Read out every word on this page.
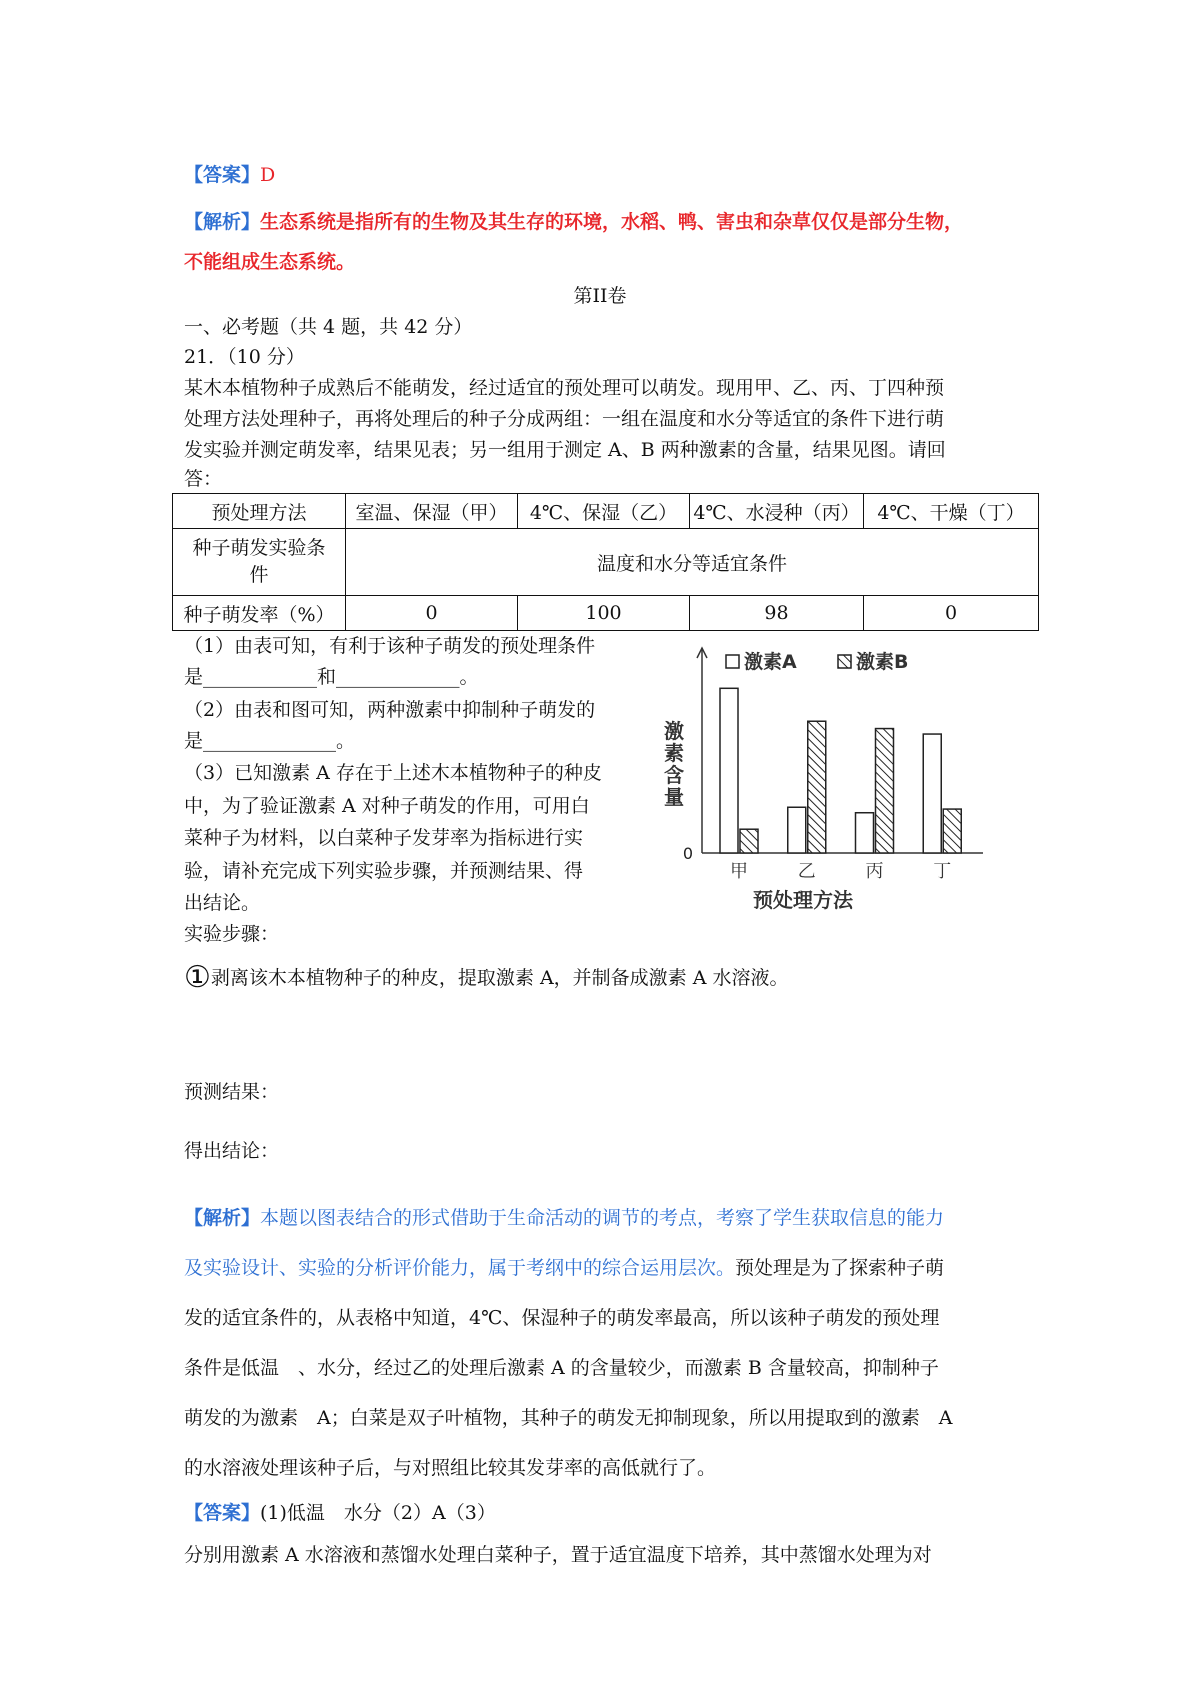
【答案】D
【解析】生态系统是指所有的生物及其生存的环境，水稻、鸭、害虫和杂草仅仅是部分生物，
不能组成生态系统。
第II卷
一、必考题（共 4 题，共 42 分）
21．（10 分）
某木本植物种子成熟后不能萌发，经过适宜的预处理可以萌发。现用甲、乙、丙、丁四种预
处理方法处理种子，再将处理后的种子分成两组：一组在温度和水分等适宜的条件下进行萌
发实验并测定萌发率，结果见表；另一组用于测定 A、B 两种激素的含量，结果见图。请回
答：
预处理方法	室温、保湿（甲）	4℃、保湿（乙）	4℃、水浸种（丙）	4℃、干燥（丁）

种子萌发实验条
件	温度和水分等适宜条件			
种子萌发率（%）	0	100	98	0
（1）由表可知，有利于该种子萌发的预处理条件
是____________和_____________。
（2）由表和图可知，两种激素中抑制种子萌发的
是______________。
（3）已知激素 A 存在于上述木本植物种子的种皮
中，为了验证激素 A 对种子萌发的作用，可用白
菜种子为材料，以白菜种子发芽率为指标进行实
验，请补充完成下列实验步骤，并预测结果、得
出结论。
实验步骤：
0
激
素
含
量
甲	乙	丙	丁
预处理方法
激素A	激素B
①剥离该木本植物种子的种皮，提取激素 A，并制备成激素 A 水溶液。
预测结果：
得出结论：
【解析】本题以图表结合的形式借助于生命活动的调节的考点，考察了学生获取信息的能力
及实验设计、实验的分析评价能力，属于考纲中的综合运用层次。预处理是为了探索种子萌
发的适宜条件的，从表格中知道，4℃、保湿种子的萌发率最高，所以该种子萌发的预处理
条件是低温　、水分，经过乙的处理后激素 A 的含量较少，而激素 B 含量较高，抑制种子
萌发的为激素　A；白菜是双子叶植物，其种子的萌发无抑制现象，所以用提取到的激素　A
的水溶液处理该种子后，与对照组比较其发芽率的高低就行了。
【答案】(1)低温　水分（2）A（3）
分别用激素 A 水溶液和蒸馏水处理白菜种子，置于适宜温度下培养，其中蒸馏水处理为对
